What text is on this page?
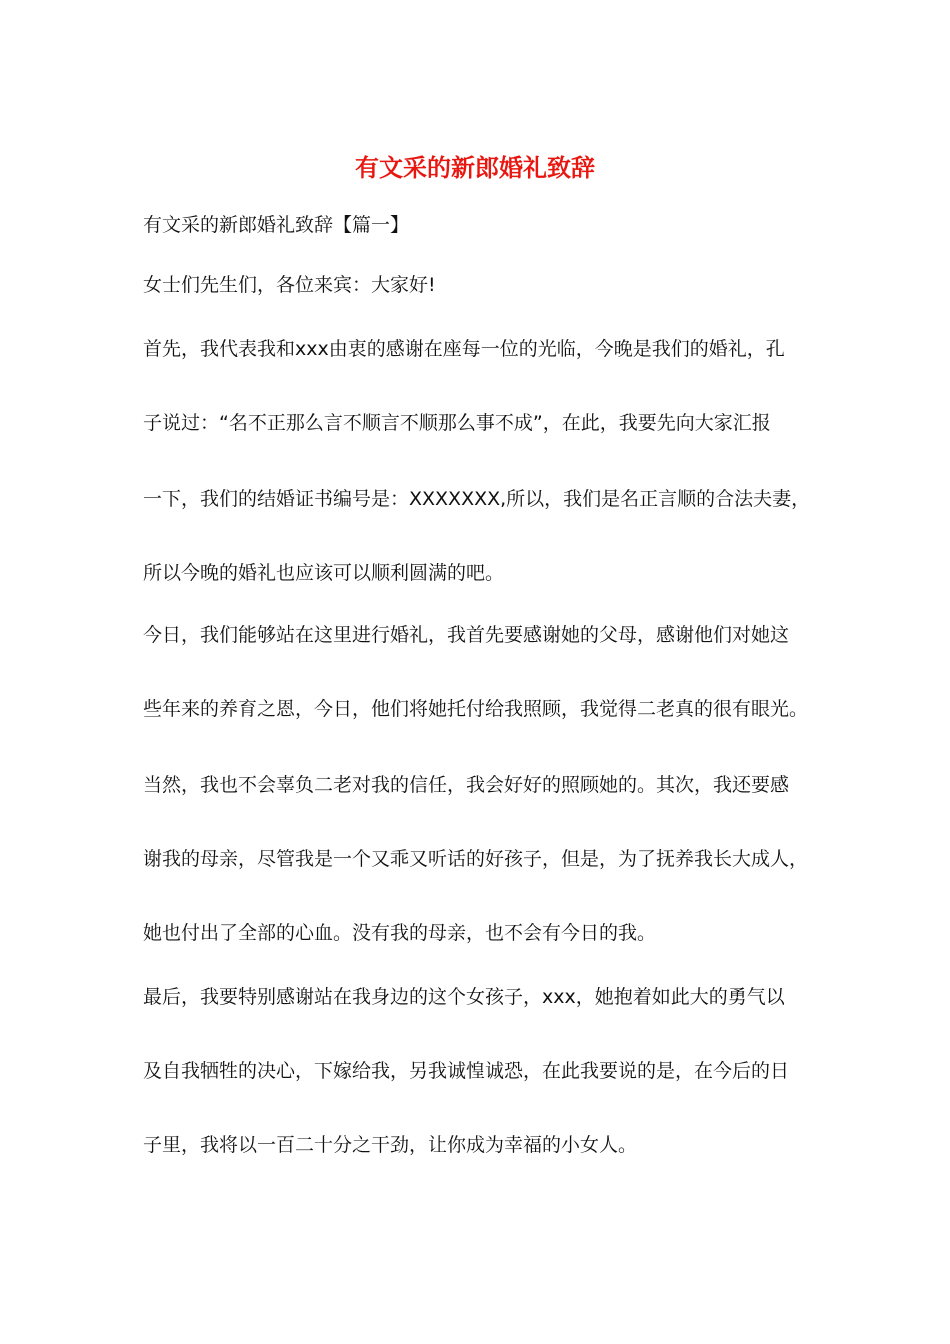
有文采的新郎婚礼致辞

有文采的新郎婚礼致辞【篇一】

女士们先生们，各位来宾：大家好!

首先，我代表我和xxx由衷的感谢在座每一位的光临，今晚是我们的婚礼，孔

子说过：“名不正那么言不顺言不顺那么事不成”，在此，我要先向大家汇报

一下，我们的结婚证书编号是：XXXXXXX,所以，我们是名正言顺的合法夫妻，

所以今晚的婚礼也应该可以顺利圆满的吧。

今日，我们能够站在这里进行婚礼，我首先要感谢她的父母，感谢他们对她这

些年来的养育之恩，今日，他们将她托付给我照顾，我觉得二老真的很有眼光。

当然，我也不会辜负二老对我的信任，我会好好的照顾她的。其次，我还要感

谢我的母亲，尽管我是一个又乖又听话的好孩子，但是，为了抚养我长大成人，

她也付出了全部的心血。没有我的母亲，也不会有今日的我。

最后，我要特别感谢站在我身边的这个女孩子，xxx，她抱着如此大的勇气以

及自我牺牲的决心，下嫁给我，另我诚惶诚恐，在此我要说的是，在今后的日

子里，我将以一百二十分之干劲，让你成为幸福的小女人。
